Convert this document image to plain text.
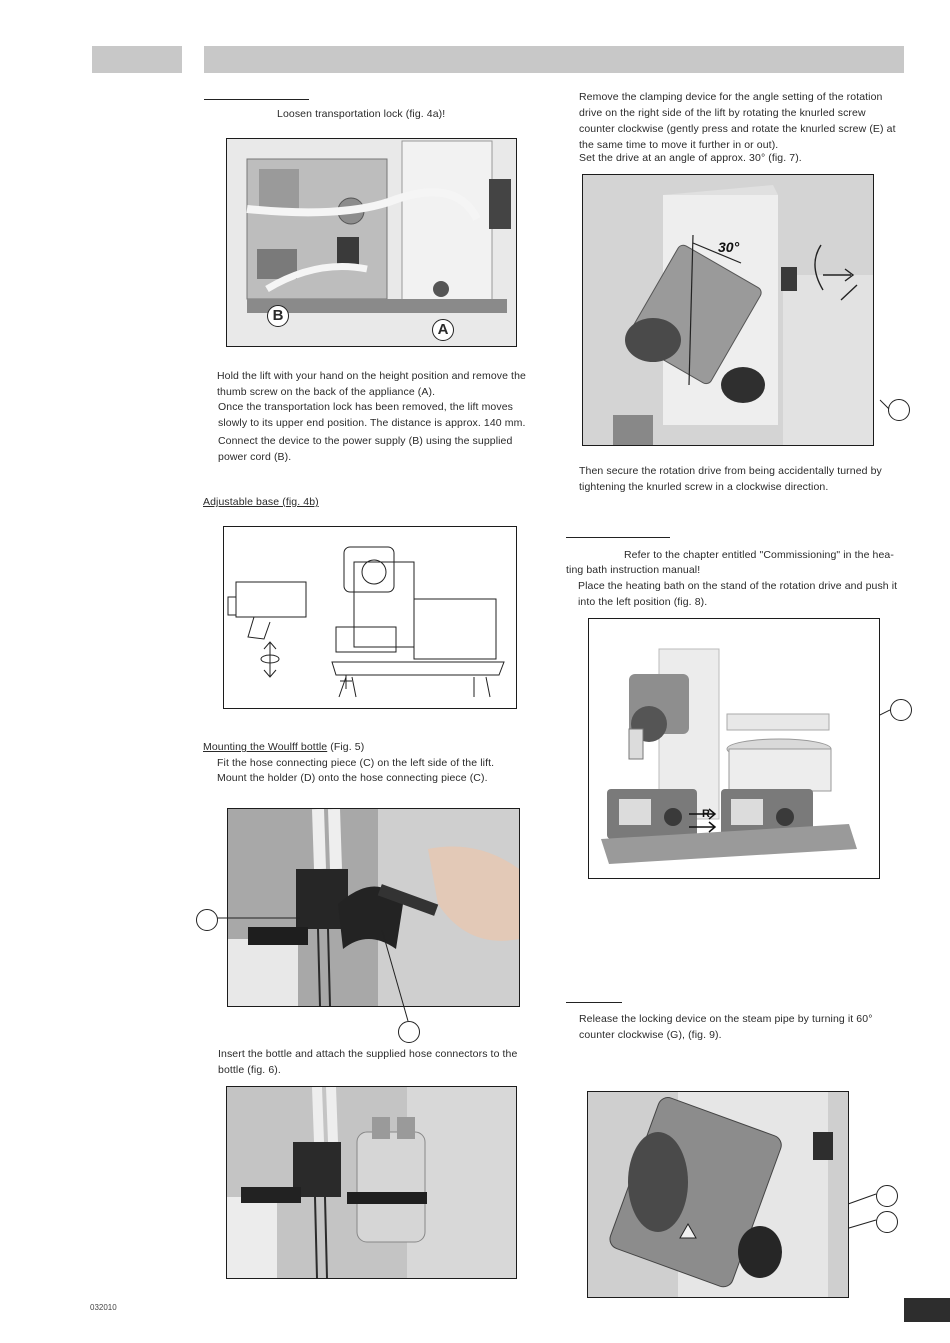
Loosen transportation lock (fig. 4a)!
B
A
Hold the lift with your hand on the height position and remove the thumb screw on the back of the appliance (A).
Once the transportation lock has been removed, the lift moves slowly to its upper end position. The distance is approx. 140 mm.
Connect the device to the power supply (B) using the supplied power cord (B).
Adjustable base (fig. 4b)
Mounting the Woulff bottle (Fig. 5)
Fit the hose connecting piece (C) on the left side of the lift.
Mount the holder (D) onto the hose connecting piece (C).
Insert the bottle and attach the supplied hose connectors to the bottle (fig. 6).
Remove the clamping device for the angle setting of the rotation drive on the right side of the lift by rotating the knurled screw counter clockwise (gently press and rotate the knurled screw (E) at the same time to move it further in or out).
Set the drive at an angle of approx. 30° (fig. 7).
30°
Then secure the rotation drive from being accidentally turned by tightening the knurled screw in a clockwise direction.
Refer to the chapter entitled "Commissioning" in the hea-
ting bath instruction manual!
Place the heating bath on the stand of the rotation drive and push it into the left position (fig. 8).
R
Release the locking device on the steam pipe by turning it 60° counter clockwise (G), (fig. 9).
032010
